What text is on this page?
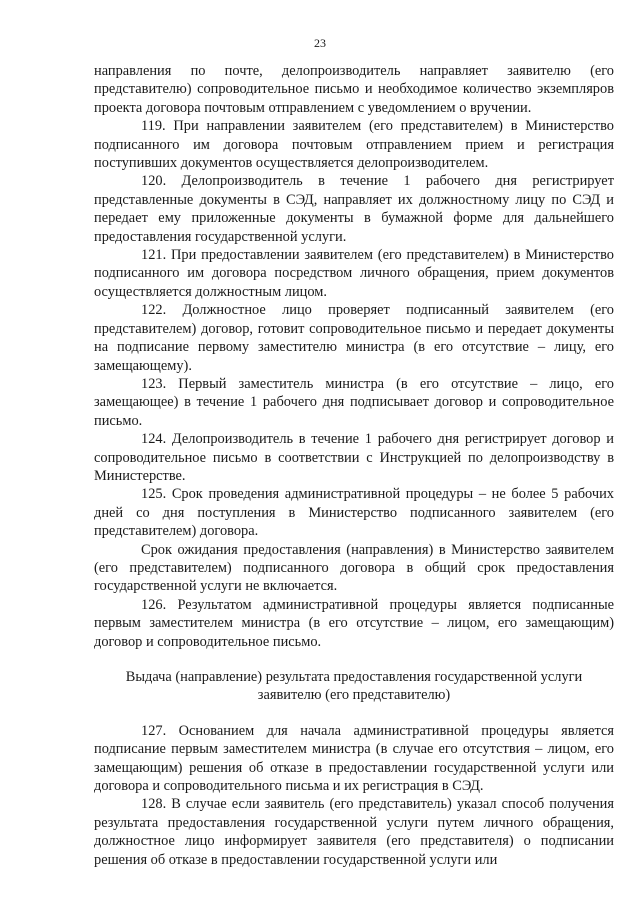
23

направления по почте, делопроизводитель направляет заявителю (его представителю) сопроводительное письмо и необходимое количество экземпляров проекта договора почтовым отправлением с уведомлением о вручении.

119. При направлении заявителем (его представителем) в Министерство подписанного им договора почтовым отправлением прием и регистрация поступивших документов осуществляется делопроизводителем.

120. Делопроизводитель в течение 1 рабочего дня регистрирует представленные документы в СЭД, направляет их должностному лицу по СЭД и передает ему приложенные документы в бумажной форме для дальнейшего предоставления государственной услуги.

121. При предоставлении заявителем (его представителем) в Министерство подписанного им договора посредством личного обращения, прием документов осуществляется должностным лицом.

122. Должностное лицо проверяет подписанный заявителем (его представителем) договор, готовит сопроводительное письмо и передает документы на подписание первому заместителю министра (в его отсутствие – лицу, его замещающему).

123. Первый заместитель министра (в его отсутствие – лицо, его замещающее) в течение 1 рабочего дня подписывает договор и сопроводительное письмо.

124. Делопроизводитель в течение 1 рабочего дня регистрирует договор и сопроводительное письмо в соответствии с Инструкцией по делопроизводству в Министерстве.

125. Срок проведения административной процедуры – не более 5 рабочих дней со дня поступления в Министерство подписанного заявителем (его представителем) договора.

Срок ожидания предоставления (направления) в Министерство заявителем (его представителем) подписанного договора в общий срок предоставления государственной услуги не включается.

126. Результатом административной процедуры является подписанные первым заместителем министра (в его отсутствие – лицом, его замещающим) договор и сопроводительное письмо.

Выдача (направление) результата предоставления государственной услуги
заявителю (его представителю)

127. Основанием для начала административной процедуры является подписание первым заместителем министра (в случае его отсутствия – лицом, его замещающим) решения об отказе в предоставлении государственной услуги или договора и сопроводительного письма и их регистрация в СЭД.

128. В случае если заявитель (его представитель) указал способ получения результата предоставления государственной услуги путем личного обращения, должностное лицо информирует заявителя (его представителя) о подписании решения об отказе в предоставлении государственной услуги или
